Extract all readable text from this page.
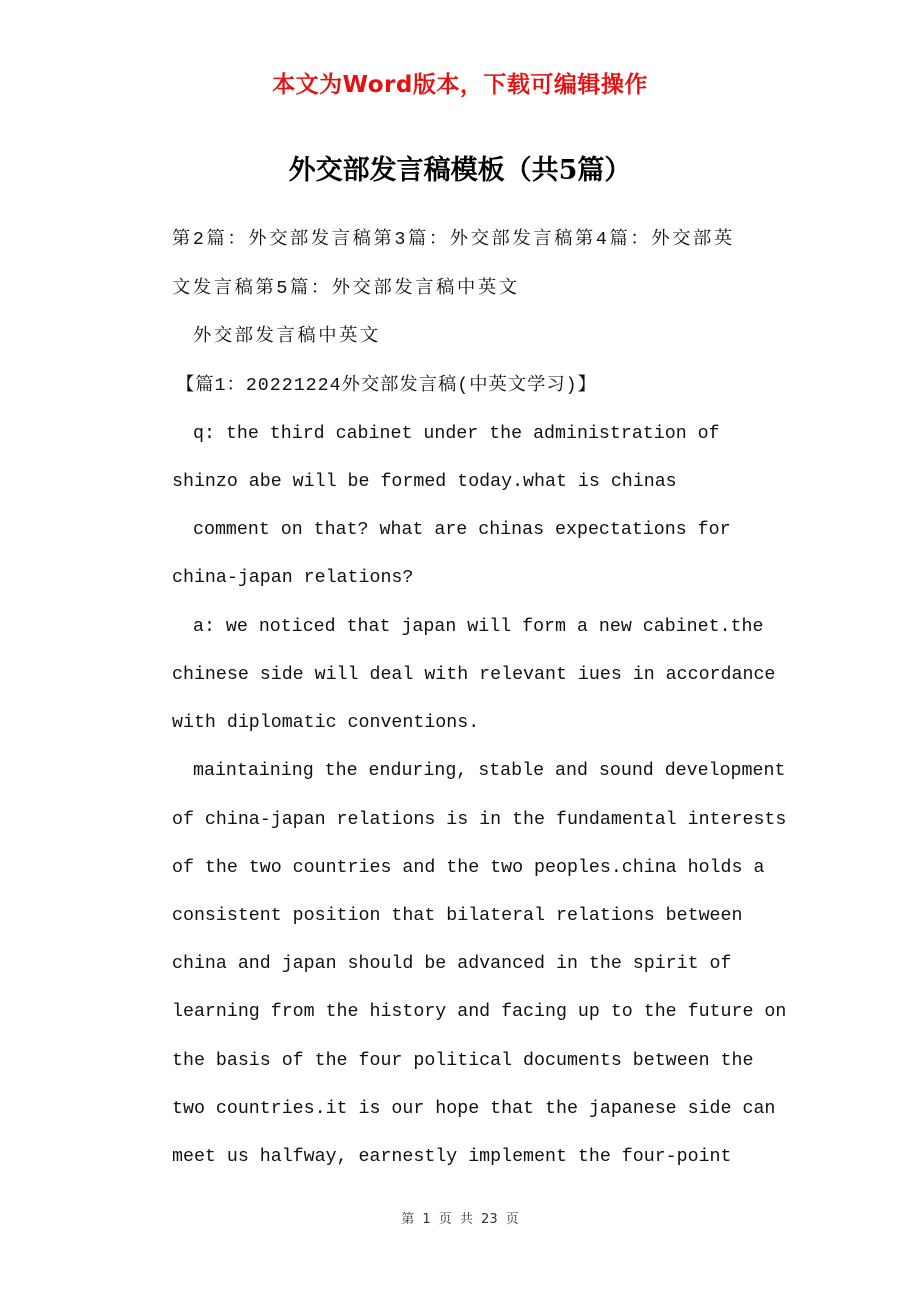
本文为Word版本，下载可编辑操作
外交部发言稿模板（共5篇）
第2篇：外交部发言稿第3篇：外交部发言稿第4篇：外交部英
文发言稿第5篇：外交部发言稿中英文
外交部发言稿中英文
【篇1：20221224外交部发言稿(中英文学习)】
q: the third cabinet under the administration of
shinzo abe will be formed today.what is chinas
comment on that? what are chinas expectations for
china-japan relations?
a: we noticed that japan will form a new cabinet.the
chinese side will deal with relevant iues in accordance
with diplomatic conventions.
maintaining the enduring, stable and sound development
of china-japan relations is in the fundamental interests
of the two countries and the two peoples.china holds a
consistent position that bilateral relations between
china and japan should be advanced in the spirit of
learning from the history and facing up to the future on
the basis of the four political documents between the
two countries.it is our hope that the japanese side can
meet us halfway, earnestly implement the four-point
第 1 页 共 23 页
